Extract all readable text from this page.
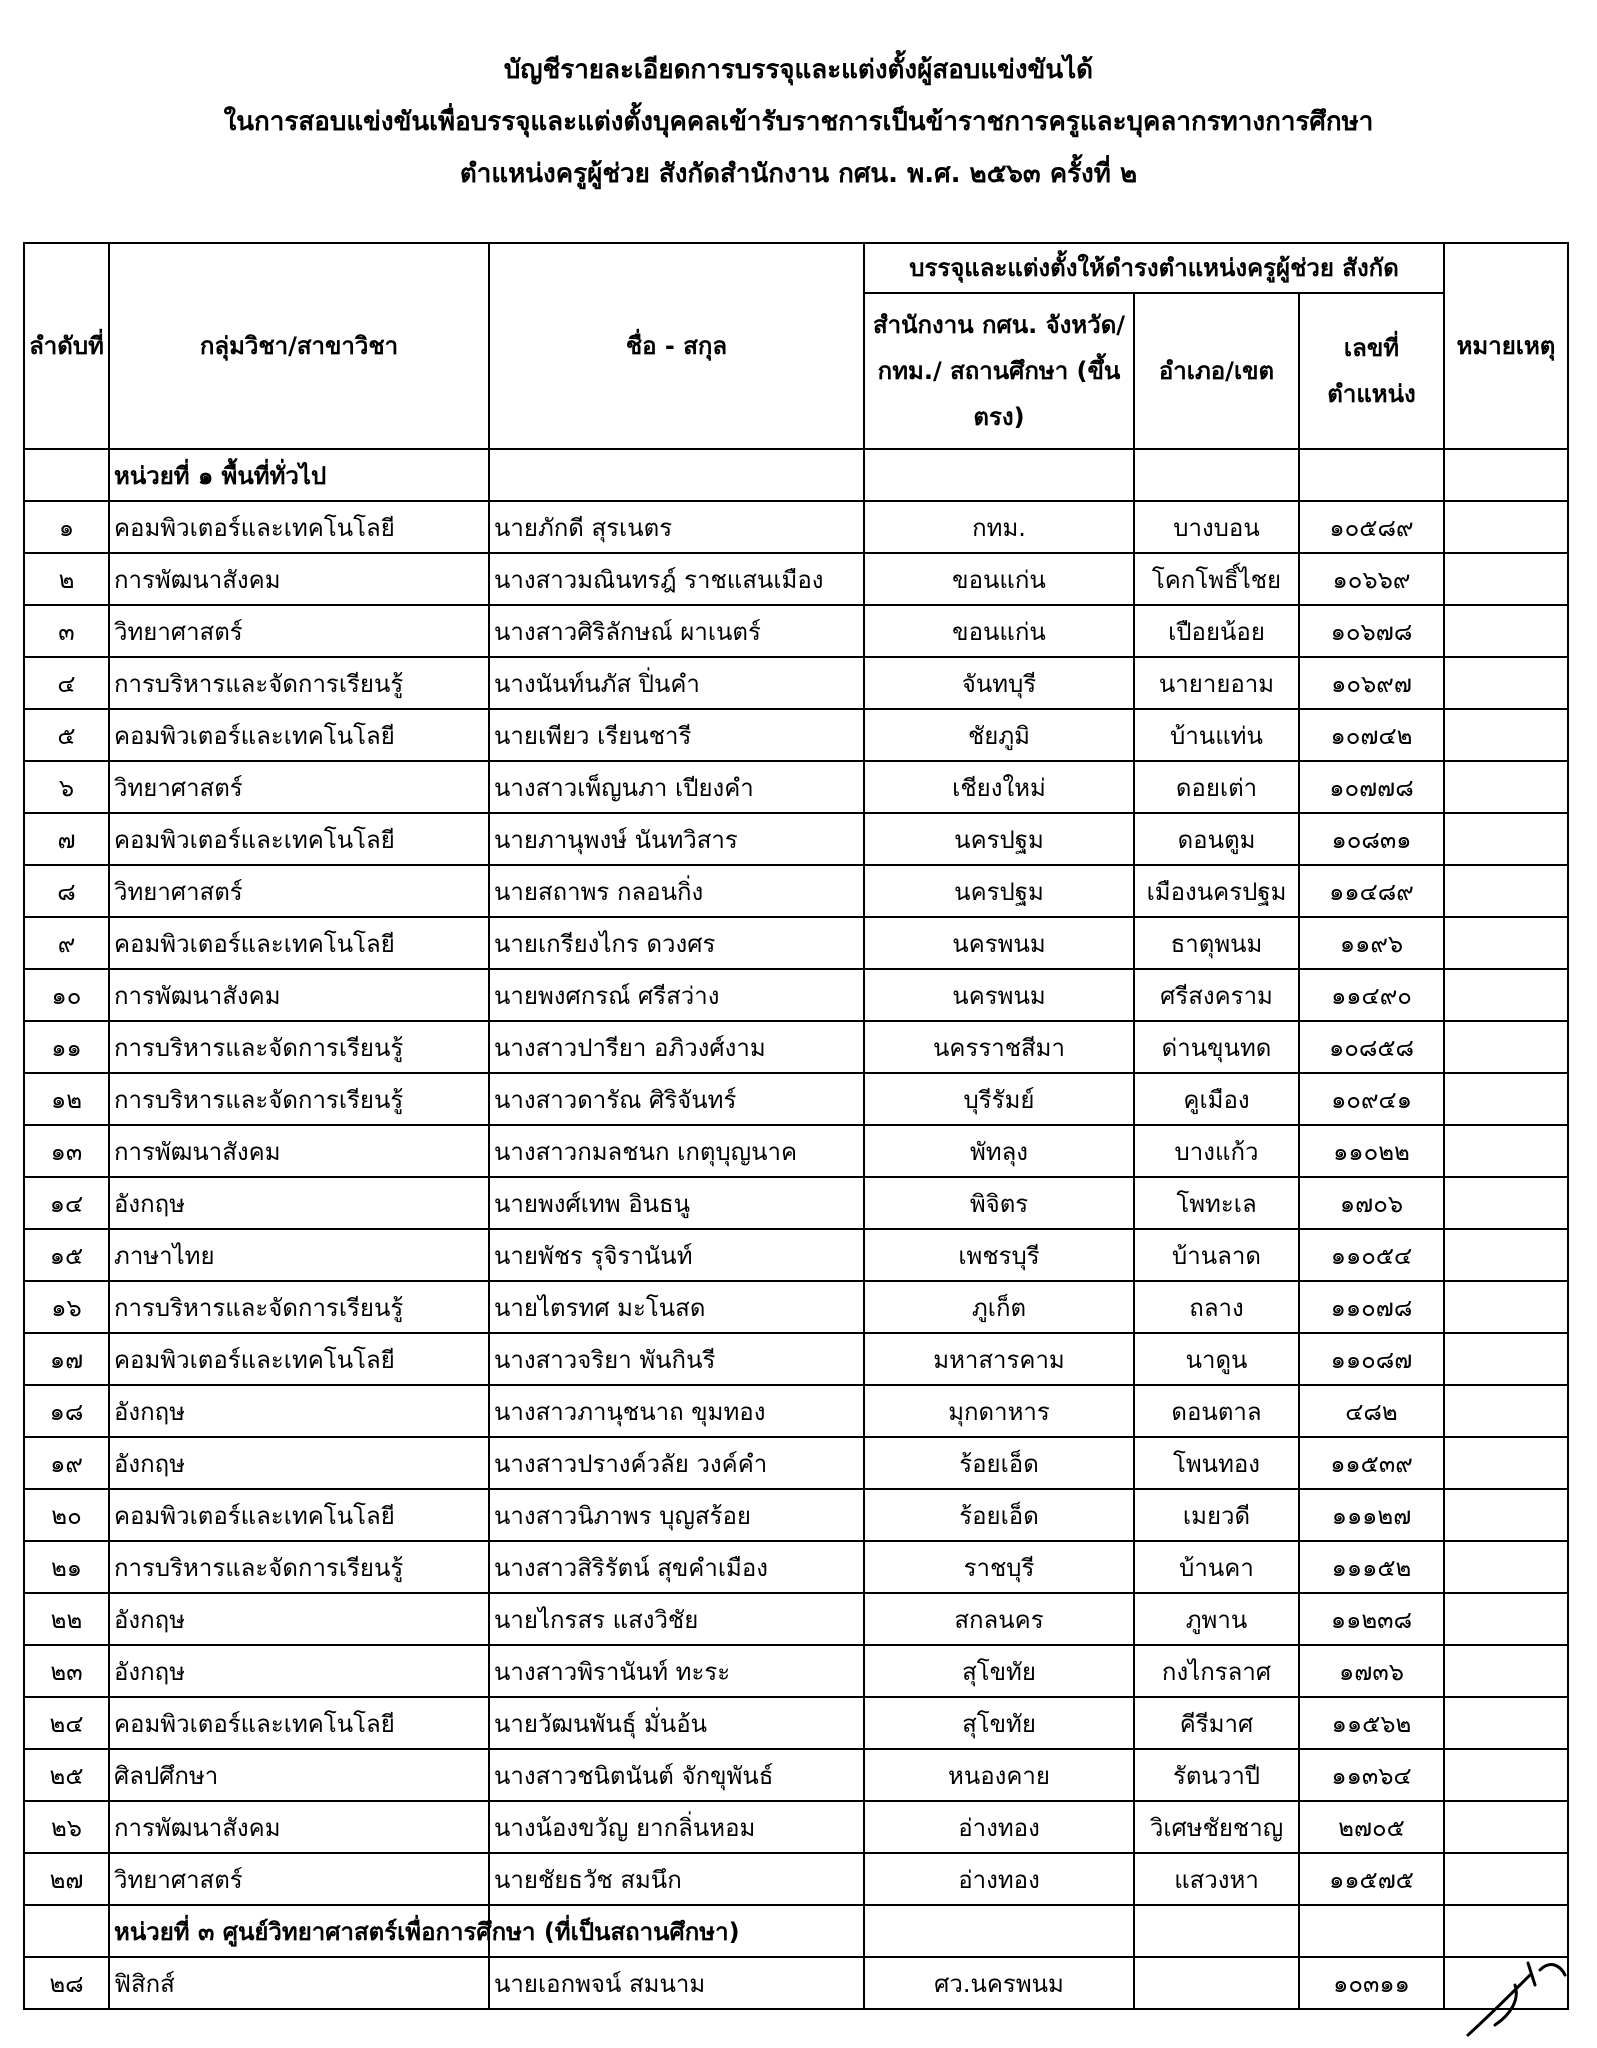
บัญชีรายละเอียดการบรรจุและแต่งตั้งผู้สอบแข่งขันได้
ในการสอบแข่งขันเพื่อบรรจุและแต่งตั้งบุคคลเข้ารับราชการเป็นข้าราชการครูและบุคลากรทางการศึกษา
ตำแหน่งครูผู้ช่วย สังกัดสำนักงาน กศน. พ.ศ. ๒๕๖๓ ครั้งที่ ๒
ลำดับที่	กลุ่มวิชา/สาขาวิชา	ชื่อ - สกุล	บรรจุและแต่งตั้งให้ดำรงตำแหน่งครูผู้ช่วย สังกัด			หมายเหตุ
			สำนักงาน กศน. จังหวัด/กทม./ สถานศึกษา (ขึ้นตรง)	อำเภอ/เขต	เลขที่ ตำแหน่ง	
	หน่วยที่ ๑ พื้นที่ทั่วไป					
๑	คอมพิวเตอร์และเทคโนโลยี	นายภักดี สุรเนตร	กทม.	บางบอน	๑๐๕๘๙	
๒	การพัฒนาสังคม	นางสาวมณินทรฎ์ ราชแสนเมือง	ขอนแก่น	โคกโพธิ์ไชย	๑๐๖๖๙	
๓	วิทยาศาสตร์	นางสาวศิริลักษณ์ ผาเนตร์	ขอนแก่น	เปือยน้อย	๑๐๖๗๘	
๔	การบริหารและจัดการเรียนรู้	นางนันท์นภัส ปิ่นคำ	จันทบุรี	นายายอาม	๑๐๖๙๗	
๕	คอมพิวเตอร์และเทคโนโลยี	นายเพียว เรียนชารี	ชัยภูมิ	บ้านแท่น	๑๐๗๔๒	
๖	วิทยาศาสตร์	นางสาวเพ็ญนภา เปียงคำ	เชียงใหม่	ดอยเต่า	๑๐๗๗๘	
๗	คอมพิวเตอร์และเทคโนโลยี	นายภานุพงษ์ นันทวิสาร	นครปฐม	ดอนตูม	๑๐๘๓๑	
๘	วิทยาศาสตร์	นายสถาพร กลอนกิ่ง	นครปฐม	เมืองนครปฐม	๑๑๔๘๙	
๙	คอมพิวเตอร์และเทคโนโลยี	นายเกรียงไกร ดวงศร	นครพนม	ธาตุพนม	๑๑๙๖	
๑๐	การพัฒนาสังคม	นายพงศกรณ์ ศรีสว่าง	นครพนม	ศรีสงคราม	๑๑๔๙๐	
๑๑	การบริหารและจัดการเรียนรู้	นางสาวปารียา อภิวงศ์งาม	นครราชสีมา	ด่านขุนทด	๑๐๘๕๘	
๑๒	การบริหารและจัดการเรียนรู้	นางสาวดารัณ ศิริจันทร์	บุรีรัมย์	คูเมือง	๑๐๙๔๑	
๑๓	การพัฒนาสังคม	นางสาวกมลชนก เกตุบุญนาค	พัทลุง	บางแก้ว	๑๑๐๒๒	
๑๔	อังกฤษ	นายพงศ์เทพ อินธนู	พิจิตร	โพทะเล	๑๗๐๖	
๑๕	ภาษาไทย	นายพัชร รุจิรานันท์	เพชรบุรี	บ้านลาด	๑๑๐๕๔	
๑๖	การบริหารและจัดการเรียนรู้	นายไตรทศ มะโนสด	ภูเก็ต	ถลาง	๑๑๐๗๘	
๑๗	คอมพิวเตอร์และเทคโนโลยี	นางสาวจริยา พันกินรี	มหาสารคาม	นาดูน	๑๑๐๘๗	
๑๘	อังกฤษ	นางสาวภานุชนาถ ขุมทอง	มุกดาหาร	ดอนตาล	๔๘๒	
๑๙	อังกฤษ	นางสาวปรางค์วลัย วงค์คำ	ร้อยเอ็ด	โพนทอง	๑๑๕๓๙	
๒๐	คอมพิวเตอร์และเทคโนโลยี	นางสาวนิภาพร บุญสร้อย	ร้อยเอ็ด	เมยวดี	๑๑๑๒๗	
๒๑	การบริหารและจัดการเรียนรู้	นางสาวสิริรัตน์ สุขคำเมือง	ราชบุรี	บ้านคา	๑๑๑๕๒	
๒๒	อังกฤษ	นายไกรสร แสงวิชัย	สกลนคร	ภูพาน	๑๑๒๓๘	
๒๓	อังกฤษ	นางสาวพิรานันท์ ทะระ	สุโขทัย	กงไกรลาศ	๑๗๓๖	
๒๔	คอมพิวเตอร์และเทคโนโลยี	นายวัฒนพันธุ์ มั่นอ้น	สุโขทัย	คีรีมาศ	๑๑๕๖๒	
๒๕	ศิลปศึกษา	นางสาวชนิตนันต์ จักขุพันธ์	หนองคาย	รัตนวาปี	๑๑๓๖๔	
๒๖	การพัฒนาสังคม	นางน้องขวัญ ยากลิ่นหอม	อ่างทอง	วิเศษชัยชาญ	๒๗๐๕	
๒๗	วิทยาศาสตร์	นายชัยธวัช สมนึก	อ่างทอง	แสวงหา	๑๑๕๗๕	
	หน่วยที่ ๓ ศูนย์วิทยาศาสตร์เพื่อการศึกษา (ที่เป็นสถานศึกษา)					
๒๘	ฟิสิกส์	นายเอกพจน์ สมนาม	ศว.นครพนม		๑๐๓๑๑	
